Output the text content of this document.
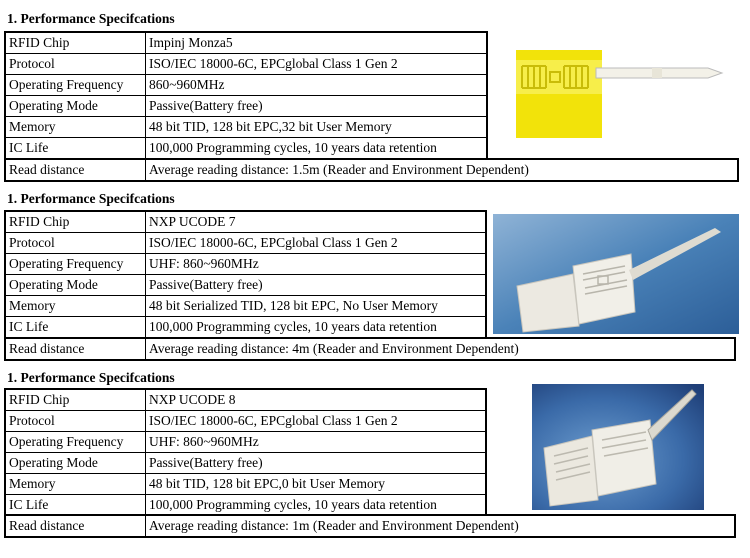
1. Performance Specifcations
RFID Chip	Impinj Monza5
Protocol	ISO/IEC 18000-6C, EPCglobal Class 1 Gen 2
Operating Frequency	860~960MHz
Operating Mode	Passive(Battery free)
Memory	48 bit TID, 128 bit EPC,32 bit User Memory
IC Life	100,000 Programming cycles, 10 years data retention
Read distance	Average reading distance: 1.5m (Reader and Environment Dependent)
1. Performance Specifcations
RFID Chip	NXP UCODE 7
Protocol	ISO/IEC 18000-6C, EPCglobal Class 1 Gen 2
Operating Frequency	UHF: 860~960MHz
Operating Mode	Passive(Battery free)
Memory	48 bit Serialized TID, 128 bit EPC, No User Memory
IC Life	100,000 Programming cycles, 10 years data retention
Read distance	Average reading distance: 4m (Reader and Environment Dependent)
1. Performance Specifcations
RFID Chip	NXP UCODE 8
Protocol	ISO/IEC 18000-6C, EPCglobal Class 1 Gen 2
Operating Frequency	UHF: 860~960MHz
Operating Mode	Passive(Battery free)
Memory	48 bit TID, 128 bit EPC,0 bit User Memory
IC Life	100,000 Programming cycles, 10 years data retention
Read distance	Average reading distance: 1m (Reader and Environment Dependent)
